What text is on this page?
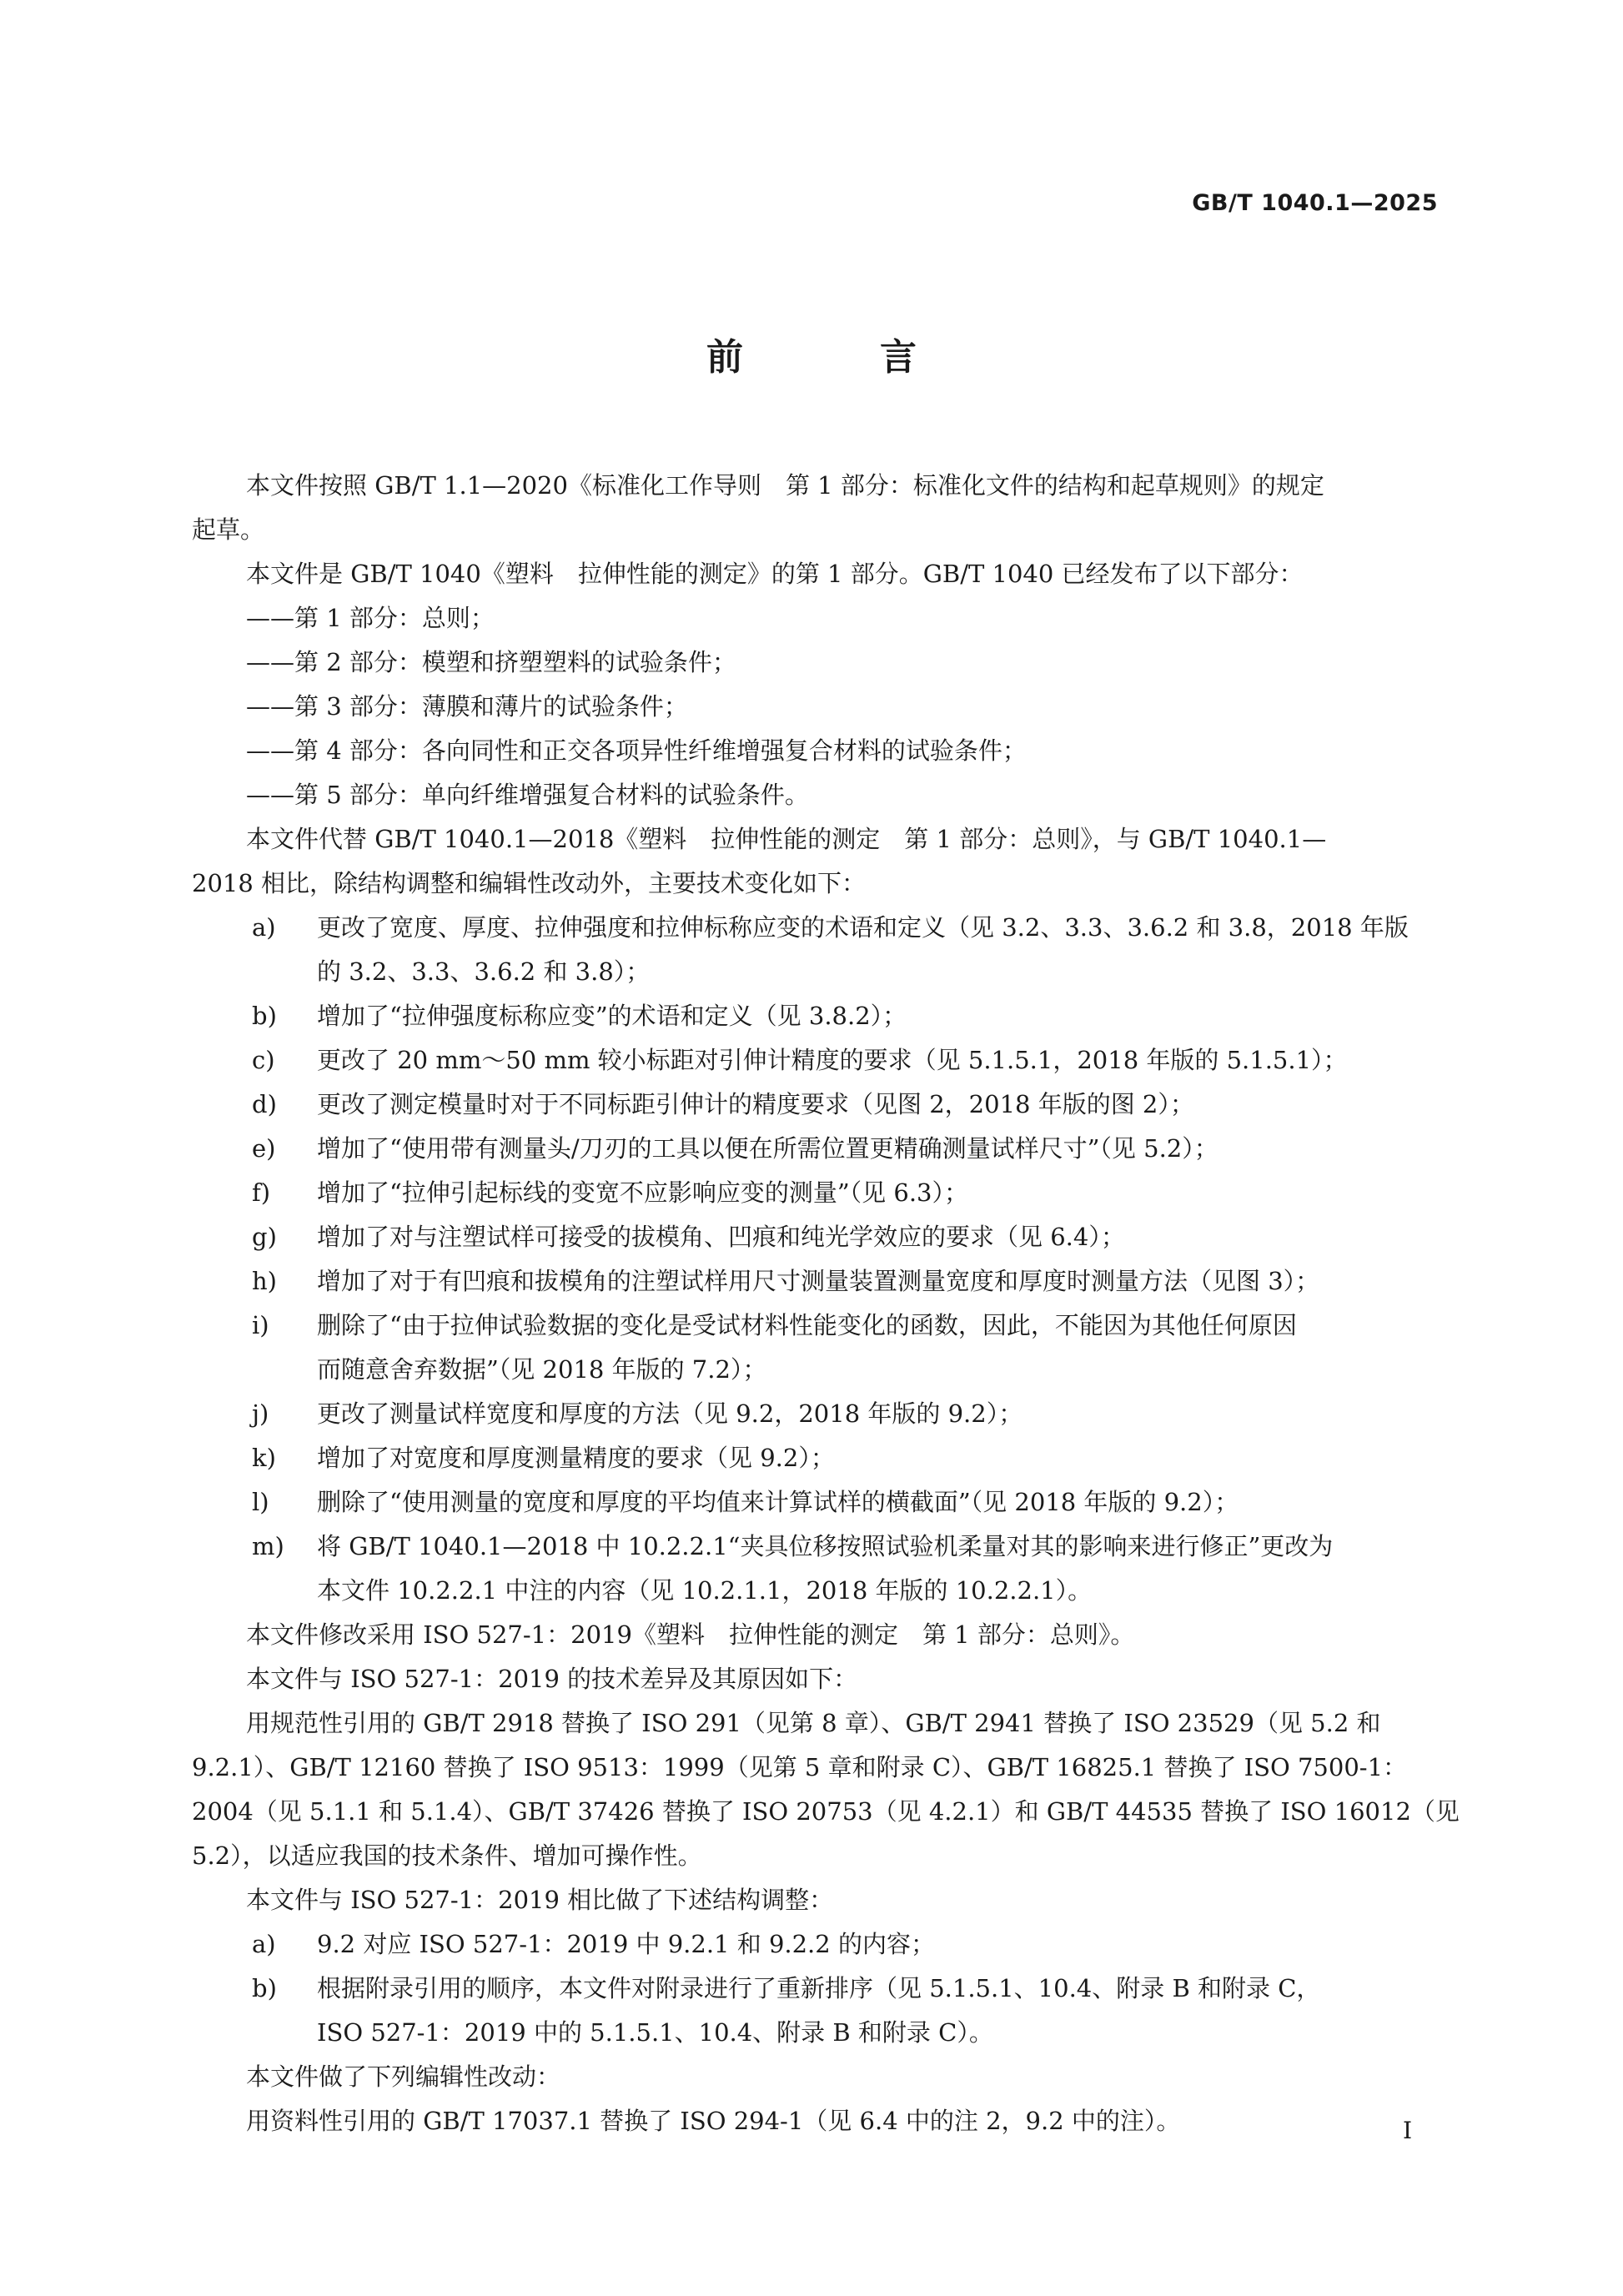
GB/T 1040.1—2025
前　言
本文件按照 GB/T 1.1—2020《标准化工作导则　第 1 部分：标准化文件的结构和起草规则》的规定
起草。
本文件是 GB/T 1040《塑料　拉伸性能的测定》的第 1 部分。GB/T 1040 已经发布了以下部分：
——第 1 部分：总则；
——第 2 部分：模塑和挤塑塑料的试验条件；
——第 3 部分：薄膜和薄片的试验条件；
——第 4 部分：各向同性和正交各项异性纤维增强复合材料的试验条件；
——第 5 部分：单向纤维增强复合材料的试验条件。
本文件代替 GB/T 1040.1—2018《塑料　拉伸性能的测定　第 1 部分：总则》，与 GB/T 1040.1—
2018 相比，除结构调整和编辑性改动外，主要技术变化如下：
a)	更改了宽度、厚度、拉伸强度和拉伸标称应变的术语和定义（见 3.2、3.3、3.6.2 和 3.8，2018 年版
的 3.2、3.3、3.6.2 和 3.8）；
b)	增加了“拉伸强度标称应变”的术语和定义（见 3.8.2）；
c)	更改了 20 mm～50 mm 较小标距对引伸计精度的要求（见 5.1.5.1，2018 年版的 5.1.5.1）；
d)	更改了测定模量时对于不同标距引伸计的精度要求（见图 2，2018 年版的图 2）；
e)	增加了“使用带有测量头/刀刃的工具以便在所需位置更精确测量试样尺寸”（见 5.2）；
f)	增加了“拉伸引起标线的变宽不应影响应变的测量”（见 6.3）；
g)	增加了对与注塑试样可接受的拔模角、凹痕和纯光学效应的要求（见 6.4）；
h)	增加了对于有凹痕和拔模角的注塑试样用尺寸测量装置测量宽度和厚度时测量方法（见图 3）；
i)	删除了“由于拉伸试验数据的变化是受试材料性能变化的函数，因此，不能因为其他任何原因
而随意舍弃数据”（见 2018 年版的 7.2）；
j)	更改了测量试样宽度和厚度的方法（见 9.2，2018 年版的 9.2）；
k)	增加了对宽度和厚度测量精度的要求（见 9.2）；
l)	删除了“使用测量的宽度和厚度的平均值来计算试样的横截面”（见 2018 年版的 9.2）；
m)	将 GB/T 1040.1—2018 中 10.2.2.1“夹具位移按照试验机柔量对其的影响来进行修正”更改为
本文件 10.2.2.1 中注的内容（见 10.2.1.1，2018 年版的 10.2.2.1）。
本文件修改采用 ISO 527-1：2019《塑料　拉伸性能的测定　第 1 部分：总则》。
本文件与 ISO 527-1：2019 的技术差异及其原因如下：
用规范性引用的 GB/T 2918 替换了 ISO 291（见第 8 章）、GB/T 2941 替换了 ISO 23529（见 5.2 和
9.2.1）、GB/T 12160 替换了 ISO 9513：1999（见第 5 章和附录 C）、GB/T 16825.1 替换了 ISO 7500-1：
2004（见 5.1.1 和 5.1.4）、GB/T 37426 替换了 ISO 20753（见 4.2.1）和 GB/T 44535 替换了 ISO 16012（见
5.2），以适应我国的技术条件、增加可操作性。
本文件与 ISO 527-1：2019 相比做了下述结构调整：
a)	9.2 对应 ISO 527-1：2019 中 9.2.1 和 9.2.2 的内容；
b)	根据附录引用的顺序，本文件对附录进行了重新排序（见 5.1.5.1、10.4、附录 B 和附录 C，
ISO 527-1：2019 中的 5.1.5.1、10.4、附录 B 和附录 C）。
本文件做了下列编辑性改动：
用资料性引用的 GB/T 17037.1 替换了 ISO 294-1（见 6.4 中的注 2，9.2 中的注）。	I
